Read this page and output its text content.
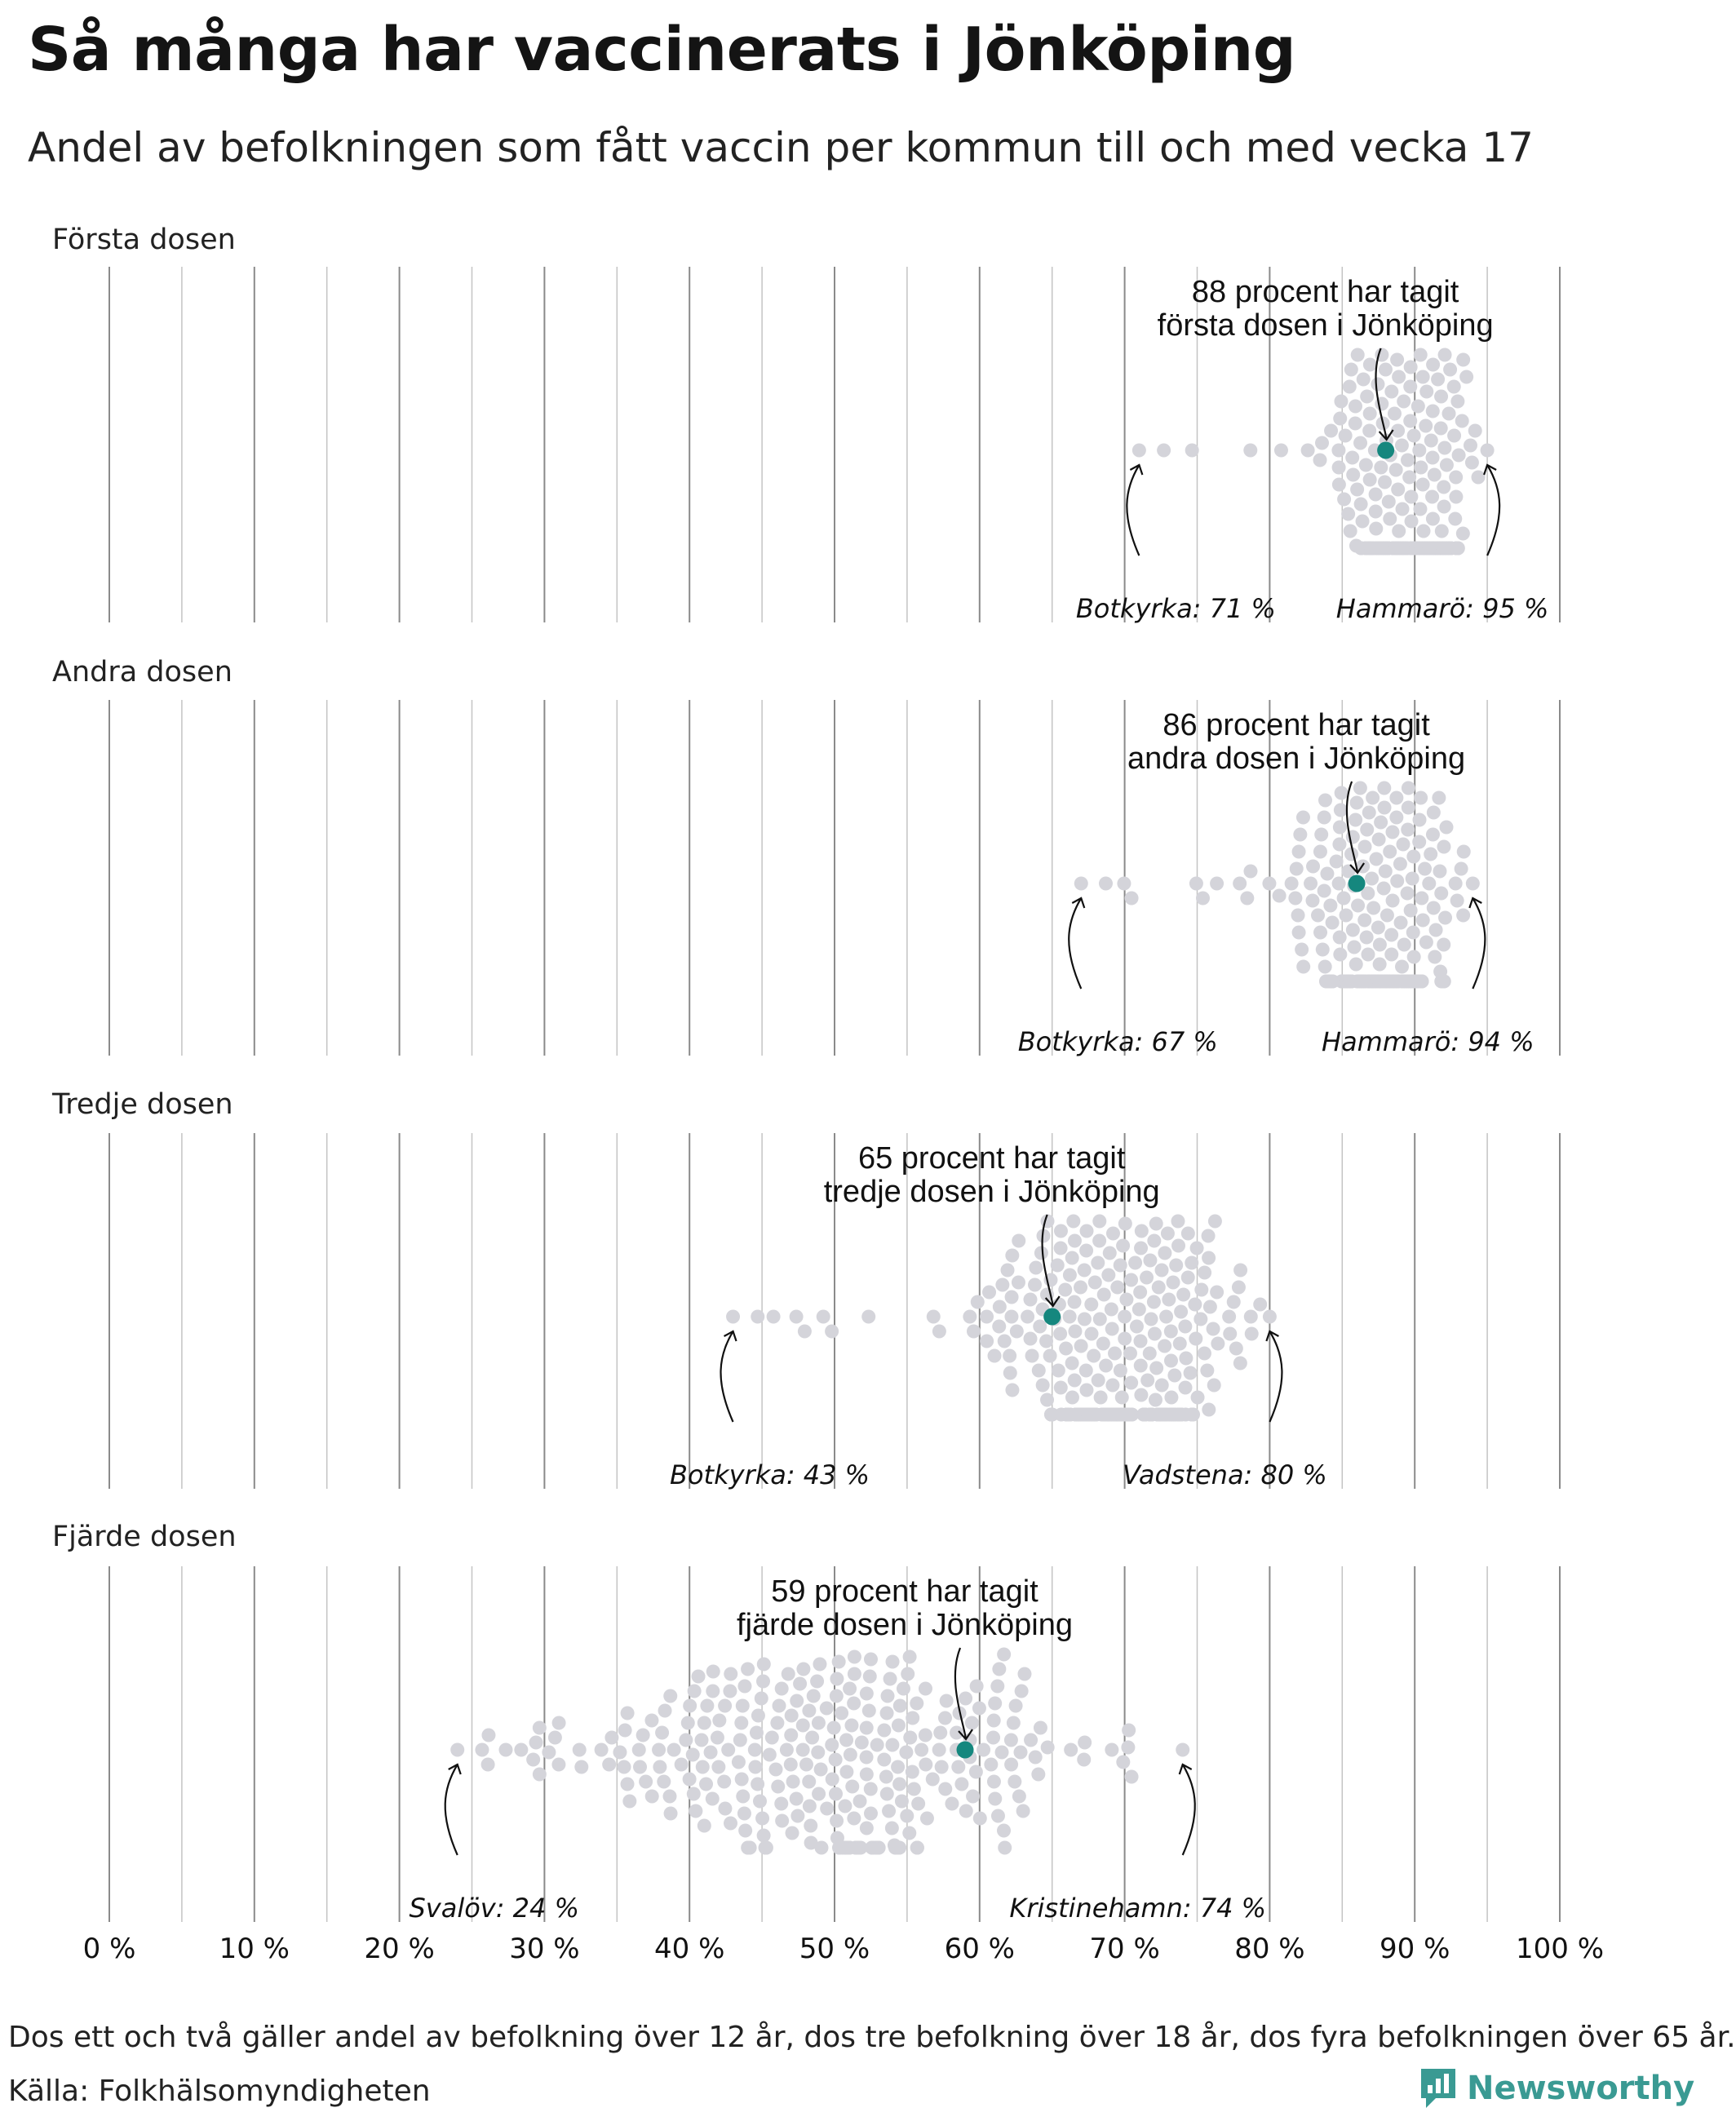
Så många har vaccinerats i Jönköping
Andel av befolkningen som fått vaccin per kommun till och med vecka 17
Första dosen
88 procent har tagit
första dosen i Jönköping
Botkyrka: 71 % Hammarö: 95 %
Andra dosen
86 procent har tagit
andra dosen i Jönköping
Botkyrka: 67 %	Hammarö: 94 %
Tredje dosen
65 procent har tagit
tredje dosen i Jönköping
Botkyrka: 43 %	Vadstena: 80 %
Fjärde dosen
59 procent har tagit
fjärde dosen i Jönköping
Svalöv: 24 %	Kristinehamn: 74 %
0 %	10 %	20 %	30 %	40 %	50 %	60 %	70 %	80 %	90 % 100 %
Dos ett och två gäller andel av befolkning över 12 år, dos tre befolkning över 18 år, dos fyra befolkningen över 65 år.
Källa: Folkhälsomyndigheten	Newsworthy
